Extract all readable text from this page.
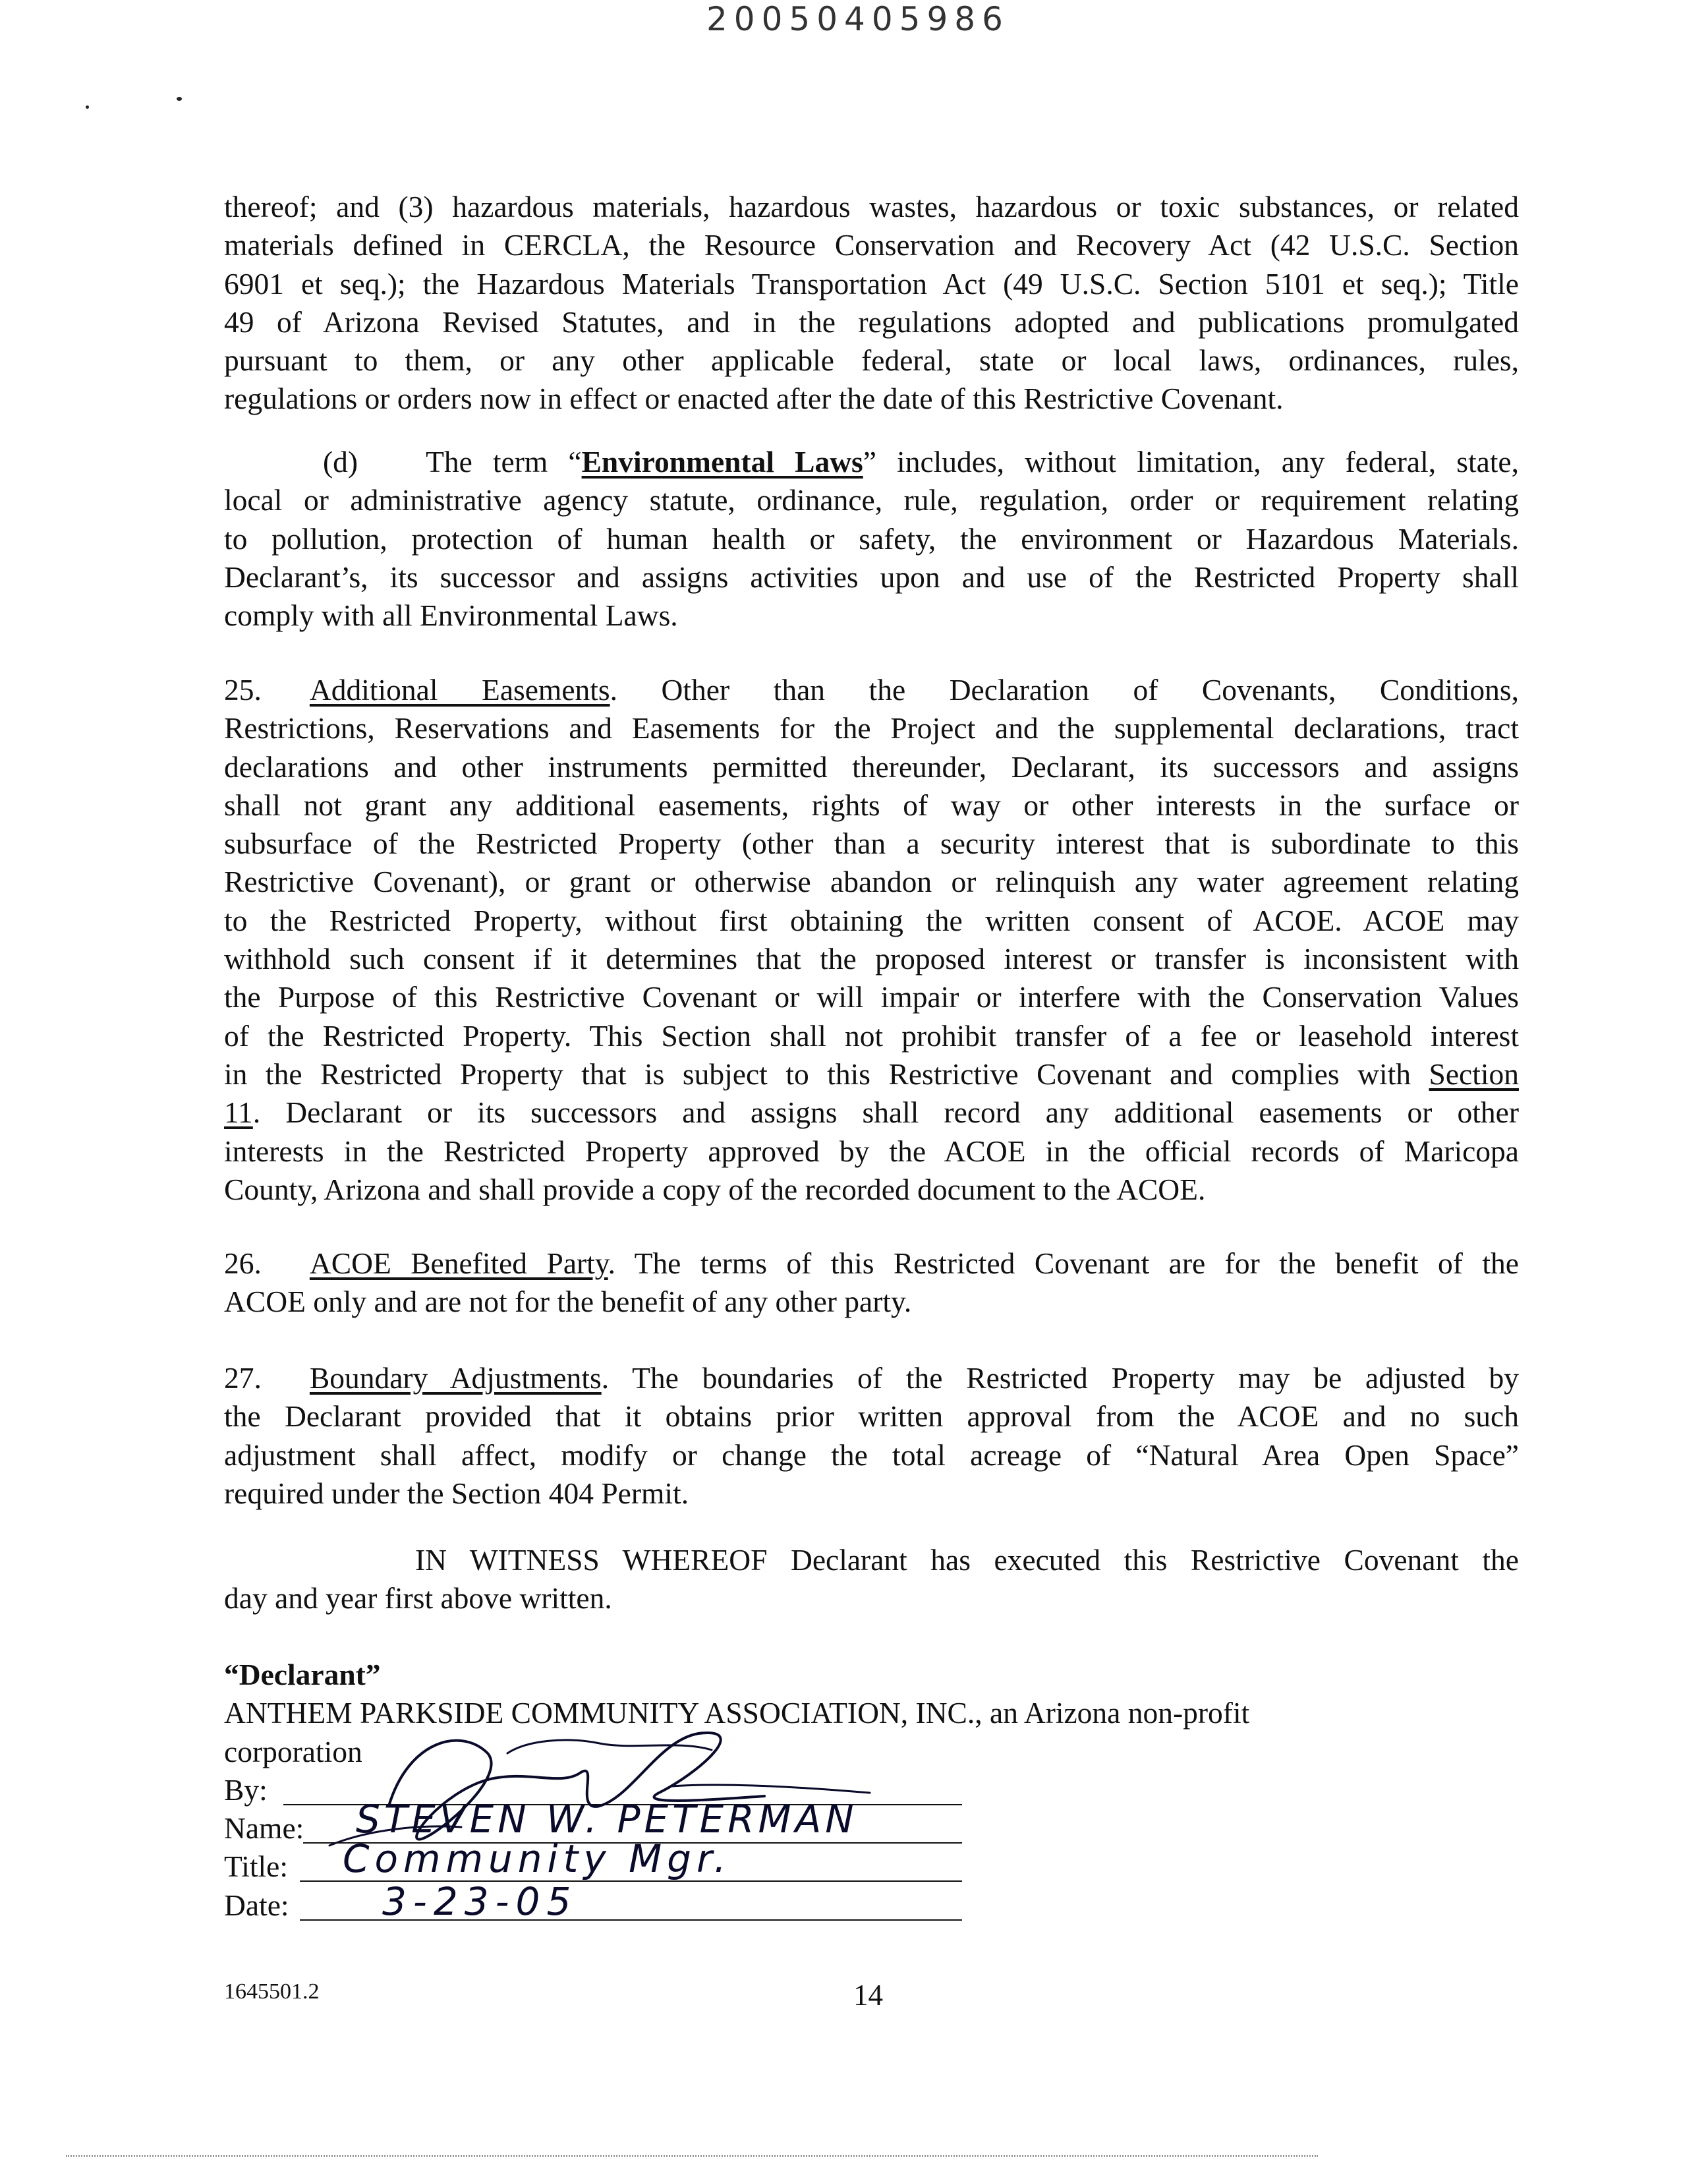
20050405986
thereof; and (3) hazardous materials, hazardous wastes, hazardous or toxic substances, or related
materials defined in CERCLA, the Resource Conservation and Recovery Act (42 U.S.C. Section
6901 et seq.); the Hazardous Materials Transportation Act (49 U.S.C. Section 5101 et seq.); Title
49 of Arizona Revised Statutes, and in the regulations adopted and publications promulgated
pursuant to them, or any other applicable federal, state or local laws, ordinances, rules,
regulations or orders now in effect or enacted after the date of this Restrictive Covenant.
(d) The term “Environmental Laws” includes, without limitation, any federal, state,
local or administrative agency statute, ordinance, rule, regulation, order or requirement relating
to pollution, protection of human health or safety, the environment or Hazardous Materials.
Declarant’s, its successor and assigns activities upon and use of the Restricted Property shall
comply with all Environmental Laws.
25. Additional Easements. Other than the Declaration of Covenants, Conditions,
Restrictions, Reservations and Easements for the Project and the supplemental declarations, tract
declarations and other instruments permitted thereunder, Declarant, its successors and assigns
shall not grant any additional easements, rights of way or other interests in the surface or
subsurface of the Restricted Property (other than a security interest that is subordinate to this
Restrictive Covenant), or grant or otherwise abandon or relinquish any water agreement relating
to the Restricted Property, without first obtaining the written consent of ACOE. ACOE may
withhold such consent if it determines that the proposed interest or transfer is inconsistent with
the Purpose of this Restrictive Covenant or will impair or interfere with the Conservation Values
of the Restricted Property. This Section shall not prohibit transfer of a fee or leasehold interest
in the Restricted Property that is subject to this Restrictive Covenant and complies with Section
11. Declarant or its successors and assigns shall record any additional easements or other
interests in the Restricted Property approved by the ACOE in the official records of Maricopa
County, Arizona and shall provide a copy of the recorded document to the ACOE.
26. ACOE Benefited Party. The terms of this Restricted Covenant are for the benefit of the
ACOE only and are not for the benefit of any other party.
27. Boundary Adjustments. The boundaries of the Restricted Property may be adjusted by
the Declarant provided that it obtains prior written approval from the ACOE and no such
adjustment shall affect, modify or change the total acreage of “Natural Area Open Space”
required under the Section 404 Permit.
IN WITNESS WHEREOF Declarant has executed this Restrictive Covenant the
day and year first above written.
“Declarant”
ANTHEM PARKSIDE COMMUNITY ASSOCIATION, INC., an Arizona non-profit
corporation
By:
Name: STEVEN W. PETERMAN
Title: Community Mgr.
Date: 3-23-05
1645501.2	14
